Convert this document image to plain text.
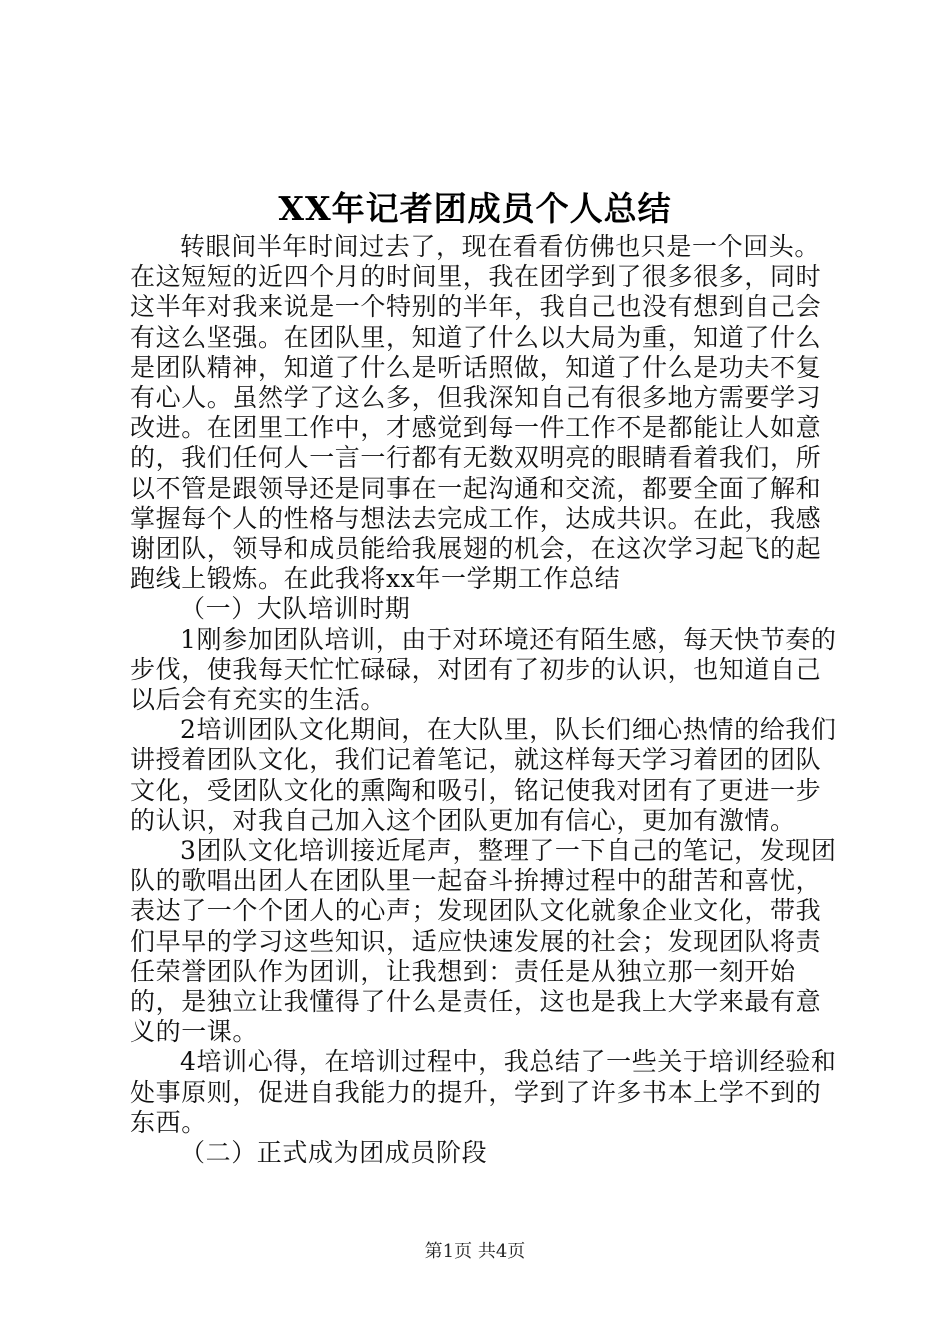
XX年记者团成员个人总结

转眼间半年时间过去了，现在看看仿佛也只是一个回头。在这短短的近四个月的时间里，我在团学到了很多很多，同时这半年对我来说是一个特别的半年，我自己也没有想到自己会有这么坚强。在团队里，知道了什么以大局为重，知道了什么是团队精神，知道了什么是听话照做，知道了什么是功夫不复有心人。虽然学了这么多，但我深知自己有很多地方需要学习改进。在团里工作中，才感觉到每一件工作不是都能让人如意的，我们任何人一言一行都有无数双明亮的眼睛看着我们，所以不管是跟领导还是同事在一起沟通和交流，都要全面了解和掌握每个人的性格与想法去完成工作，达成共识。在此，我感谢团队，领导和成员能给我展翅的机会，在这次学习起飞的起跑线上锻炼。在此我将xx年一学期工作总结

（一）大队培训时期

1刚参加团队培训，由于对环境还有陌生感，每天快节奏的步伐，使我每天忙忙碌碌，对团有了初步的认识，也知道自己以后会有充实的生活。

2培训团队文化期间，在大队里，队长们细心热情的给我们讲授着团队文化，我们记着笔记，就这样每天学习着团的团队文化，受团队文化的熏陶和吸引，铭记使我对团有了更进一步的认识，对我自己加入这个团队更加有信心，更加有激情。

3团队文化培训接近尾声，整理了一下自己的笔记，发现团队的歌唱出团人在团队里一起奋斗拚搏过程中的甜苦和喜忧，表达了一个个团人的心声；发现团队文化就象企业文化，带我们早早的学习这些知识，适应快速发展的社会；发现团队将责任荣誉团队作为团训，让我想到：责任是从独立那一刻开始的，是独立让我懂得了什么是责任，这也是我上大学来最有意义的一课。

4培训心得，在培训过程中，我总结了一些关于培训经验和处事原则，促进自我能力的提升，学到了许多书本上学不到的东西。

（二）正式成为团成员阶段

第1页 共4页
